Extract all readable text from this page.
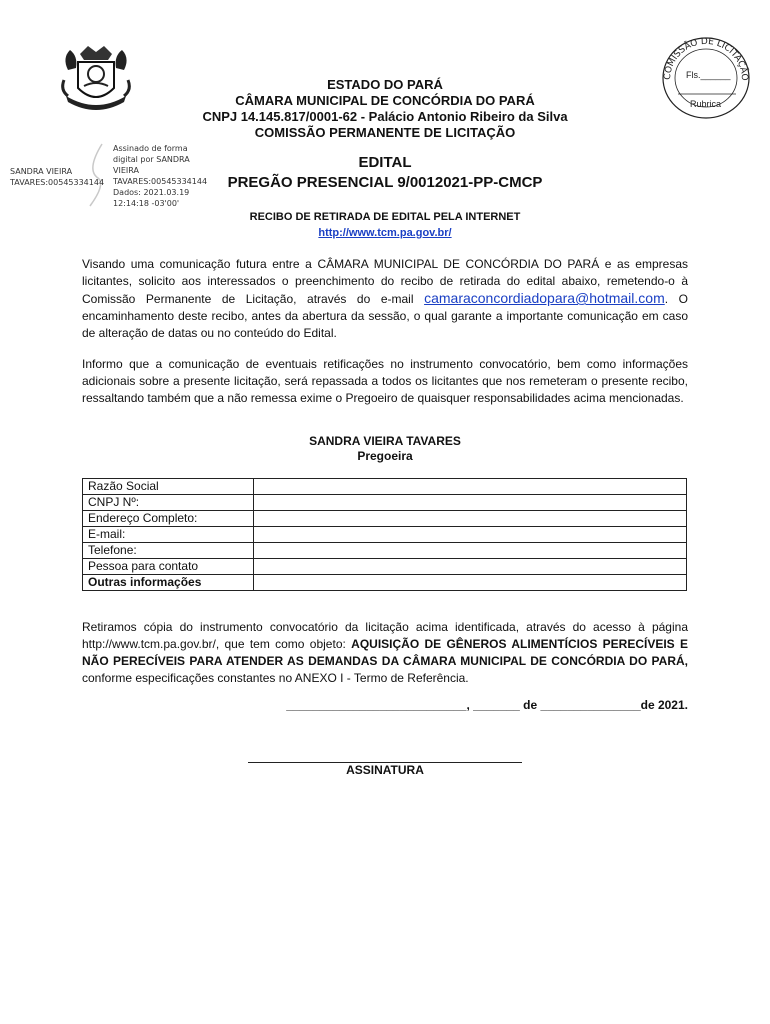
COMISSÃO DE LICITAÇÃO
Fls.______
Rubrica
ESTADO DO PARÁ
CÂMARA MUNICIPAL DE CONCÓRDIA DO PARÁ
CNPJ 14.145.817/0001-62 - Palácio Antonio Ribeiro da Silva
COMISSÃO PERMANENTE DE LICITAÇÃO
SANDRA VIEIRA
TAVARES:00545334144
Assinado de forma
digital por SANDRA
VIEIRA
TAVARES:00545334144
Dados: 2021.03.19
12:14:18 -03'00'
EDITAL
PREGÃO PRESENCIAL 9/0012021-PP-CMCP
RECIBO DE RETIRADA DE EDITAL PELA INTERNET
http://www.tcm.pa.gov.br/
Visando uma comunicação futura entre a CÂMARA MUNICIPAL DE CONCÓRDIA DO PARÁ e as empresas licitantes, solicito aos interessados o preenchimento do recibo de retirada do edital abaixo, remetendo-o à Comissão Permanente de Licitação, através do e-mail camaraconcordiadopara@hotmail.com. O encaminhamento deste recibo, antes da abertura da sessão, o qual garante a importante comunicação em caso de alteração de datas ou no conteúdo do Edital.
Informo que a comunicação de eventuais retificações no instrumento convocatório, bem como informações adicionais sobre a presente licitação, será repassada a todos os licitantes que nos remeteram o presente recibo, ressaltando também que a não remessa exime o Pregoeiro de quaisquer responsabilidades acima mencionadas.
SANDRA VIEIRA TAVARES
Pregoeira
Razão Social	
CNPJ Nº:	
Endereço Completo:	
E-mail:	
Telefone:	
Pessoa para contato	
Outras informações	
Retiramos cópia do instrumento convocatório da licitação acima identificada, através do acesso à página http://www.tcm.pa.gov.br/, que tem como objeto: AQUISIÇÃO DE GÊNEROS ALIMENTÍCIOS PERECÍVEIS E NÃO PERECÍVEIS PARA ATENDER AS DEMANDAS DA CÂMARA MUNICIPAL DE CONCÓRDIA DO PARÁ, conforme especificações constantes no ANEXO I - Termo de Referência.
___________________________, _______ de _______________de 2021.
ASSINATURA
